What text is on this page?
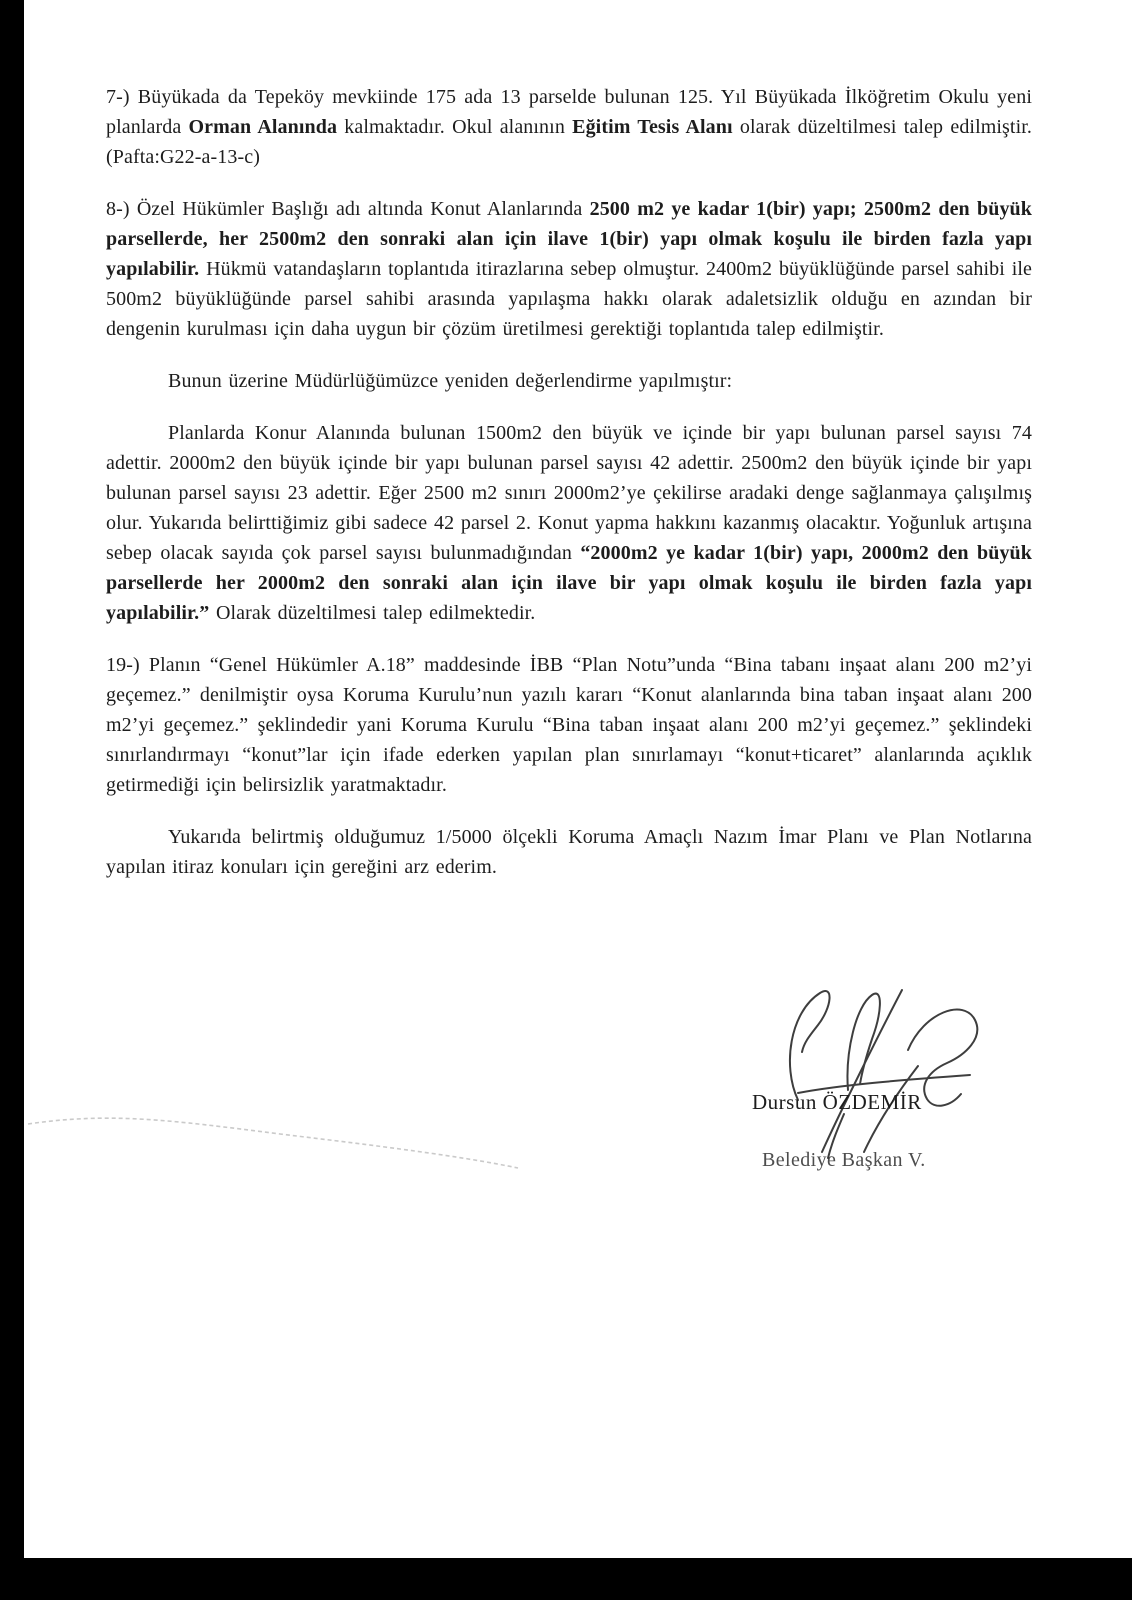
7-) Büyükada da Tepeköy mevkiinde 175 ada 13 parselde bulunan 125. Yıl Büyükada İlköğretim Okulu yeni planlarda Orman Alanında kalmaktadır. Okul alanının Eğitim Tesis Alanı olarak düzeltilmesi talep edilmiştir. (Pafta:G22-a-13-c)

8-) Özel Hükümler Başlığı adı altında Konut Alanlarında 2500 m2 ye kadar 1(bir) yapı; 2500m2 den büyük parsellerde, her 2500m2 den sonraki alan için ilave 1(bir) yapı olmak koşulu ile birden fazla yapı yapılabilir. Hükmü vatandaşların toplantıda itirazlarına sebep olmuştur. 2400m2 büyüklüğünde parsel sahibi ile 500m2 büyüklüğünde parsel sahibi arasında yapılaşma hakkı olarak adaletsizlik olduğu en azından bir dengenin kurulması için daha uygun bir çözüm üretilmesi gerektiği toplantıda talep edilmiştir.

Bunun üzerine Müdürlüğümüzce yeniden değerlendirme yapılmıştır:

Planlarda Konur Alanında bulunan 1500m2 den büyük ve içinde bir yapı bulunan parsel sayısı 74 adettir. 2000m2 den büyük içinde bir yapı bulunan parsel sayısı 42 adettir. 2500m2 den büyük içinde bir yapı bulunan parsel sayısı 23 adettir. Eğer 2500 m2 sınırı 2000m2’ye çekilirse aradaki denge sağlanmaya çalışılmış olur. Yukarıda belirttiğimiz gibi sadece 42 parsel 2. Konut yapma hakkını kazanmış olacaktır. Yoğunluk artışına sebep olacak sayıda çok parsel sayısı bulunmadığından “2000m2 ye kadar 1(bir) yapı, 2000m2 den büyük parsellerde her 2000m2 den sonraki alan için ilave bir yapı olmak koşulu ile birden fazla yapı yapılabilir.” Olarak düzeltilmesi talep edilmektedir.

19-) Planın “Genel Hükümler A.18” maddesinde İBB “Plan Notu”unda “Bina tabanı inşaat alanı 200 m2’yi geçemez.” denilmiştir oysa Koruma Kurulu’nun yazılı kararı “Konut alanlarında bina taban inşaat alanı 200 m2’yi geçemez.” şeklindedir yani Koruma Kurulu “Bina taban inşaat alanı 200 m2’yi geçemez.” şeklindeki sınırlandırmayı “konut”lar için ifade ederken yapılan plan sınırlamayı “konut+ticaret” alanlarında açıklık getirmediği için belirsizlik yaratmaktadır.

Yukarıda belirtmiş olduğumuz 1/5000 ölçekli Koruma Amaçlı Nazım İmar Planı ve Plan Notlarına yapılan itiraz konuları için gereğini arz ederim.

Dursun ÖZDEMİR
Belediye Başkan V.
